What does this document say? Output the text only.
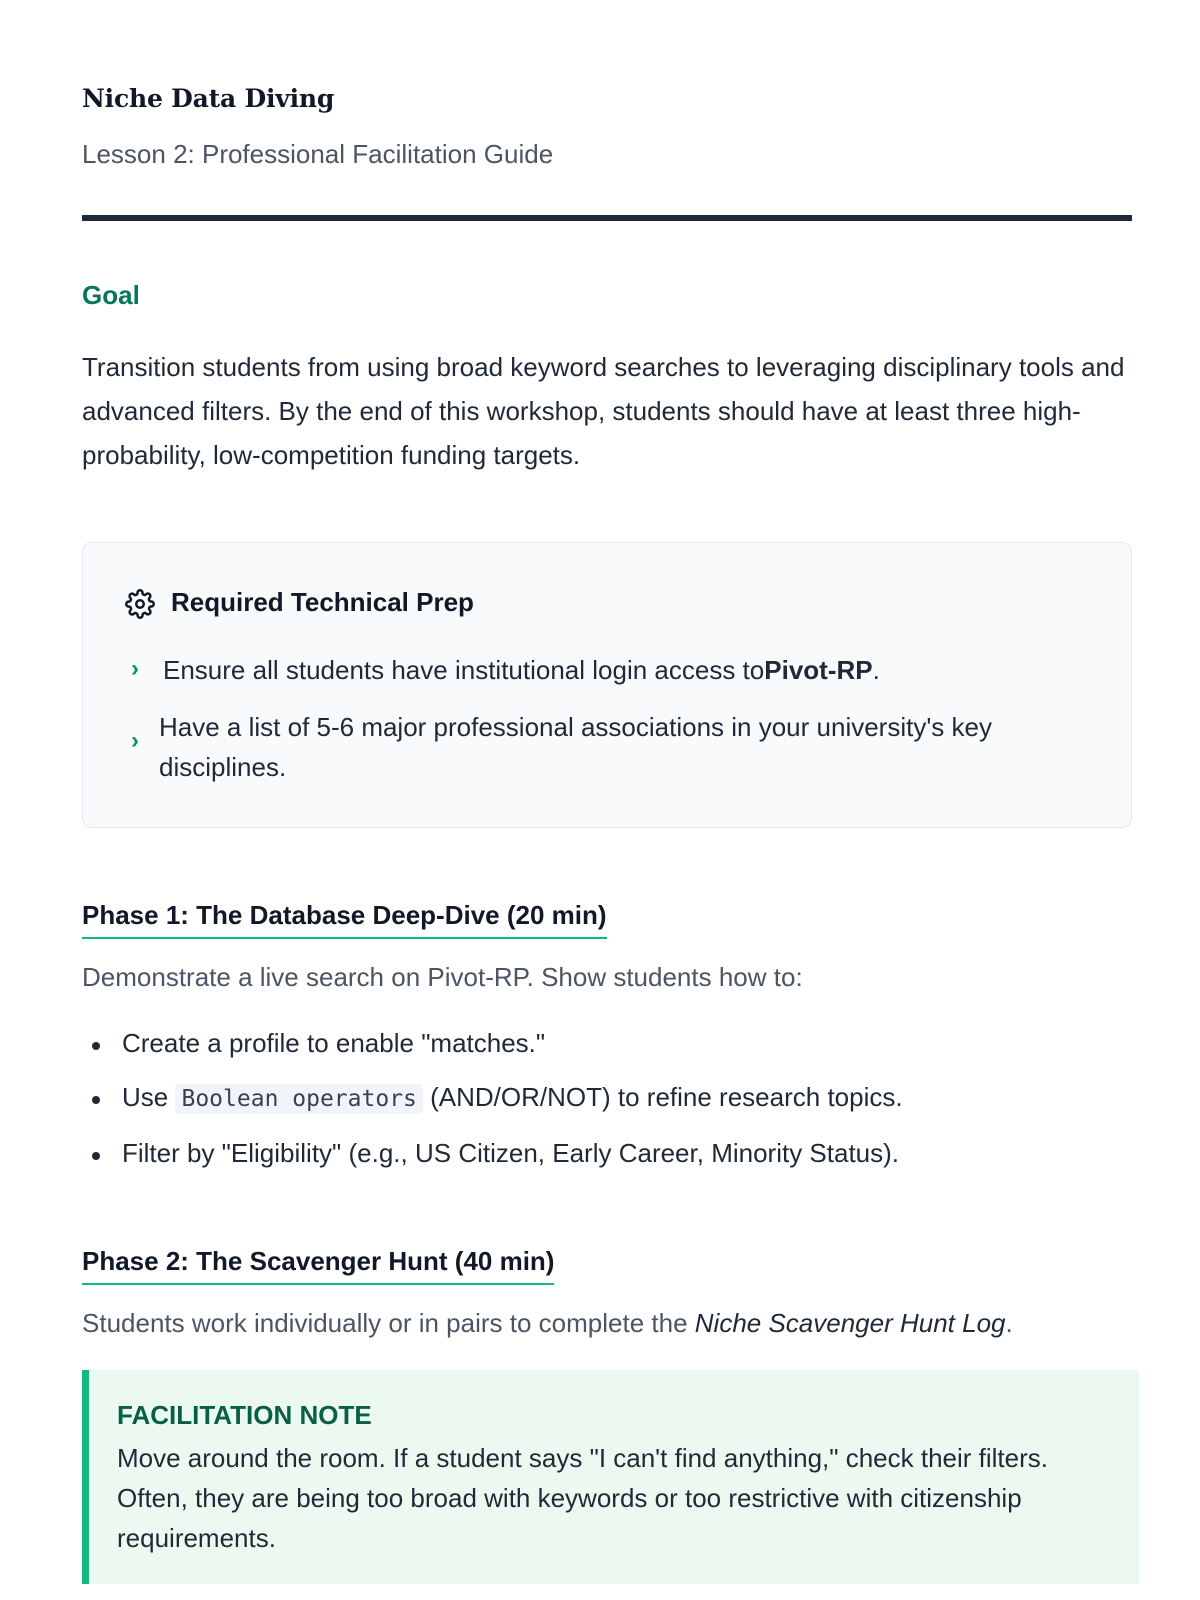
Niche Data Diving
Lesson 2: Professional Facilitation Guide
Goal
Transition students from using broad keyword searches to leveraging disciplinary tools and advanced filters. By the end of this workshop, students should have at least three high-probability, low-competition funding targets.
Required Technical Prep
› Ensure all students have institutional login access toPivot-RP.
› Have a list of 5-6 major professional associations in your university's key disciplines.
Phase 1: The Database Deep-Dive (20 min)
Demonstrate a live search on Pivot-RP. Show students how to:
Create a profile to enable "matches."
Use Boolean operators (AND/OR/NOT) to refine research topics.
Filter by "Eligibility" (e.g., US Citizen, Early Career, Minority Status).
Phase 2: The Scavenger Hunt (40 min)
Students work individually or in pairs to complete the Niche Scavenger Hunt Log.
FACILITATION NOTE
Move around the room. If a student says "I can't find anything," check their filters. Often, they are being too broad with keywords or too restrictive with citizenship requirements.
